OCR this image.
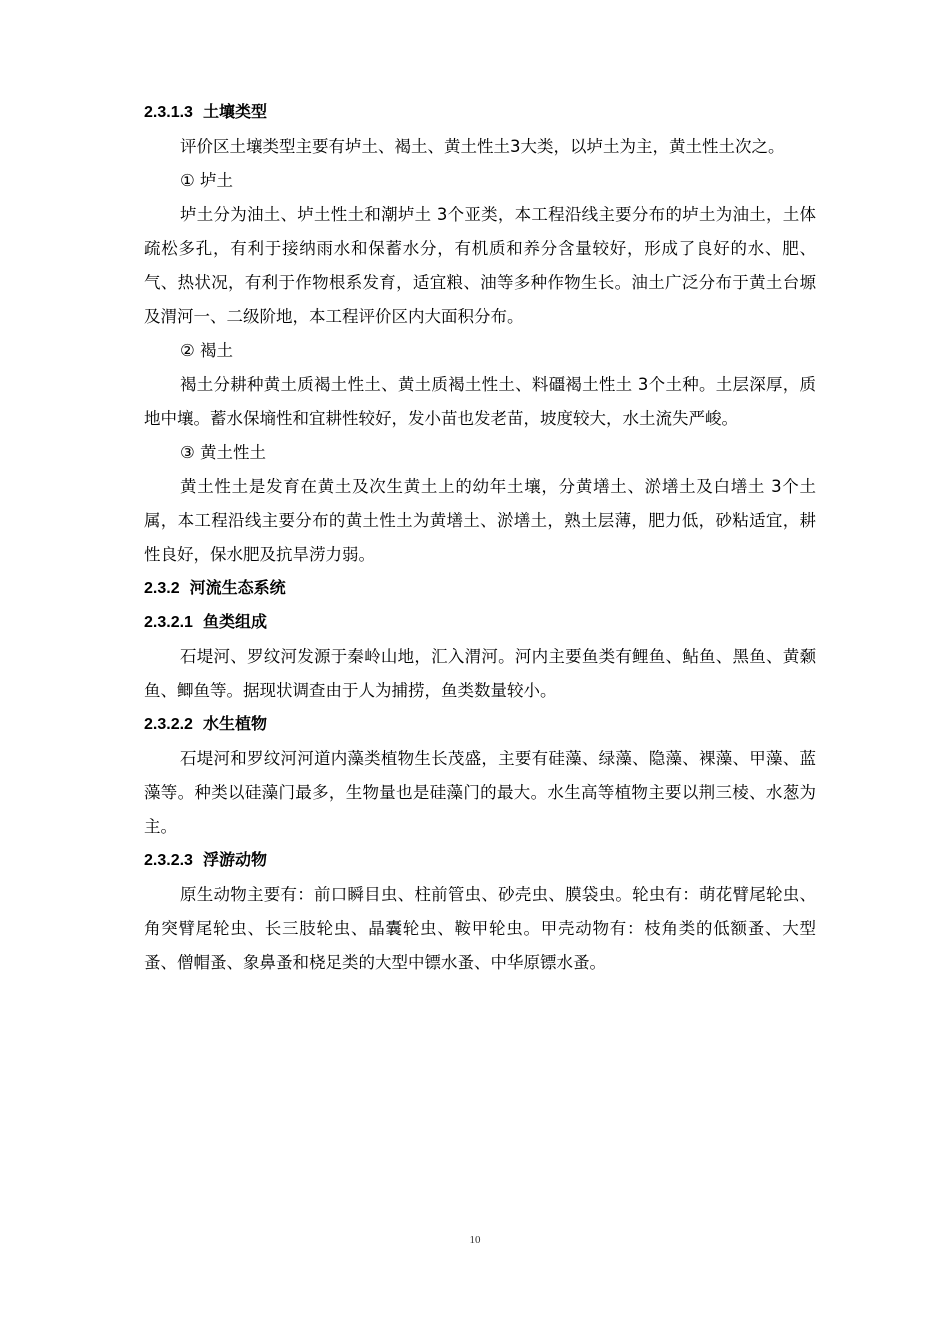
2.3.1.3 土壤类型

评价区土壤类型主要有垆土、褐土、黄土性土3大类，以垆土为主，黄土性土次之。

① 垆土

垆土分为油土、垆土性土和潮垆土 3个亚类，本工程沿线主要分布的垆土为油土，土体疏松多孔，有利于接纳雨水和保蓄水分，有机质和养分含量较好，形成了良好的水、肥、气、热状况，有利于作物根系发育，适宜粮、油等多种作物生长。油土广泛分布于黄土台塬及渭河一、二级阶地，本工程评价区内大面积分布。

② 褐土

褐土分耕种黄土质褐土性土、黄土质褐土性土、料礓褐土性土 3个土种。土层深厚，质地中壤。蓄水保墒性和宜耕性较好，发小苗也发老苗，坡度较大，水土流失严峻。

③ 黄土性土

黄土性土是发育在黄土及次生黄土上的幼年土壤，分黄墡土、淤墡土及白墡土 3个土属，本工程沿线主要分布的黄土性土为黄墡土、淤墡土，熟土层薄，肥力低，砂粘适宜，耕性良好，保水肥及抗旱涝力弱。

2.3.2 河流生态系统
2.3.2.1 鱼类组成

石堤河、罗纹河发源于秦岭山地，汇入渭河。河内主要鱼类有鲤鱼、鲇鱼、黑鱼、黄颡鱼、鲫鱼等。据现状调查由于人为捕捞，鱼类数量较小。

2.3.2.2 水生植物

石堤河和罗纹河河道内藻类植物生长茂盛，主要有硅藻、绿藻、隐藻、裸藻、甲藻、蓝藻等。种类以硅藻门最多，生物量也是硅藻门的最大。水生高等植物主要以荆三棱、水葱为主。

2.3.2.3 浮游动物

原生动物主要有：前口瞬目虫、柱前管虫、砂壳虫、膜袋虫。轮虫有：萌花臂尾轮虫、角突臂尾轮虫、长三肢轮虫、晶囊轮虫、鞍甲轮虫。甲壳动物有：枝角类的低额蚤、大型蚤、僧帽蚤、象鼻蚤和桡足类的大型中镖水蚤、中华原镖水蚤。

10
